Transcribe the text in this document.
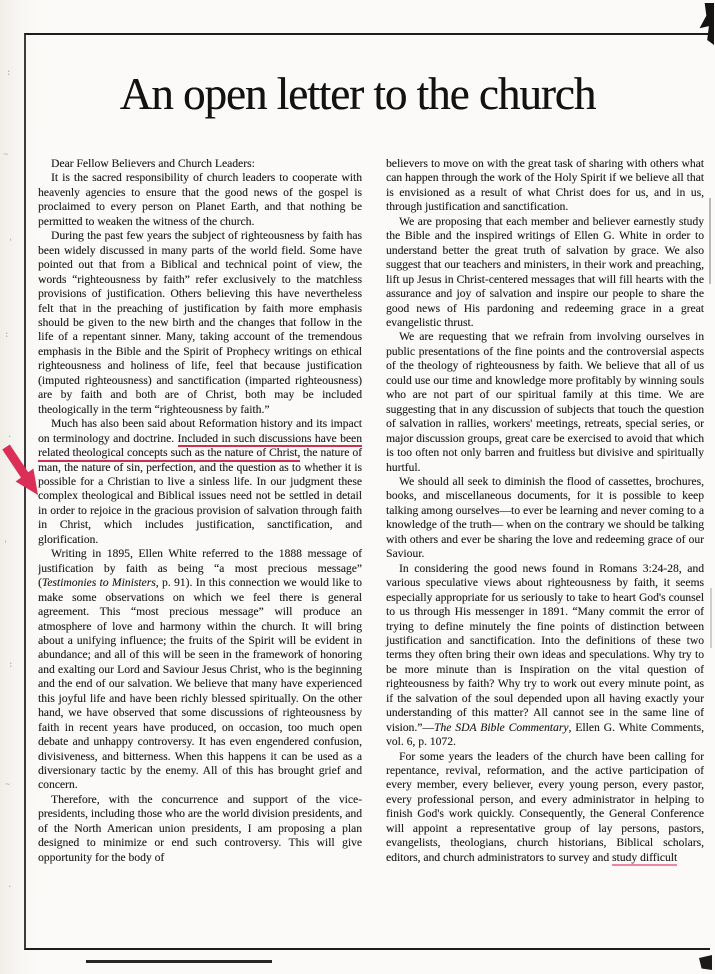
:
~
'
:
.
'
:
~
.
An open letter to the church

Dear Fellow Believers and Church Leaders:

It is the sacred responsibility of church leaders to cooperate with heavenly agencies to ensure that the good news of the gospel is proclaimed to every person on Planet Earth, and that nothing be permitted to weaken the witness of the church.

During the past few years the subject of righteousness by faith has been widely discussed in many parts of the world field. Some have pointed out that from a Biblical and technical point of view, the words “righteousness by faith” refer exclusively to the matchless provisions of justification. Others believing this have nevertheless felt that in the preaching of justification by faith more emphasis should be given to the new birth and the changes that follow in the life of a repentant sinner. Many, taking account of the tremendous emphasis in the Bible and the Spirit of Prophecy writings on ethical righteousness and holiness of life, feel that because justification (imputed righteousness) and sanctification (imparted righteousness) are by faith and both are of Christ, both may be included theologically in the term “righteousness by faith.”

Much has also been said about Reformation history and its impact on terminology and doctrine. Included in such discussions have been related theological concepts such as the nature of Christ, the nature of man, the nature of sin, perfection, and the question as to whether it is possible for a Christian to live a sinless life. In our judgment these complex theological and Biblical issues need not be settled in detail in order to rejoice in the gracious provision of salvation through faith in Christ, which includes justification, sanctification, and glorification.

Writing in 1895, Ellen White referred to the 1888 message of justification by faith as being “a most precious message” (Testimonies to Ministers, p. 91). In this connection we would like to make some observations on which we feel there is general agreement. This “most precious message” will produce an atmosphere of love and harmony within the church. It will bring about a unifying influence; the fruits of the Spirit will be evident in abundance; and all of this will be seen in the framework of honoring and exalting our Lord and Saviour Jesus Christ, who is the beginning and the end of our salvation. We believe that many have experienced this joyful life and have been richly blessed spiritually. On the other hand, we have observed that some discussions of righteousness by faith in recent years have produced, on occasion, too much open debate and unhappy controversy. It has even engendered confusion, divisiveness, and bitterness. When this happens it can be used as a diversionary tactic by the enemy. All of this has brought grief and concern.

Therefore, with the concurrence and support of the vice-presidents, including those who are the world division presidents, and of the North American union presidents, I am proposing a plan designed to minimize or end such controversy. This will give opportunity for the body of

believers to move on with the great task of sharing with others what can happen through the work of the Holy Spirit if we believe all that is envisioned as a result of what Christ does for us, and in us, through justification and sanctification.

We are proposing that each member and believer earnestly study the Bible and the inspired writings of Ellen G. White in order to understand better the great truth of salvation by grace. We also suggest that our teachers and ministers, in their work and preaching, lift up Jesus in Christ-centered messages that will fill hearts with the assurance and joy of salvation and inspire our people to share the good news of His pardoning and redeeming grace in a great evangelistic thrust.

We are requesting that we refrain from involving ourselves in public presentations of the fine points and the controversial aspects of the theology of righteousness by faith. We believe that all of us could use our time and knowledge more profitably by winning souls who are not part of our spiritual family at this time. We are suggesting that in any discussion of subjects that touch the question of salvation in rallies, workers' meetings, retreats, special series, or major discussion groups, great care be exercised to avoid that which is too often not only barren and fruitless but divisive and spiritually hurtful.

We should all seek to diminish the flood of cassettes, brochures, books, and miscellaneous documents, for it is possible to keep talking among ourselves—to ever be learning and never coming to a knowledge of the truth— when on the contrary we should be talking with others and ever be sharing the love and redeeming grace of our Saviour.

In considering the good news found in Romans 3:24-28, and various speculative views about righteousness by faith, it seems especially appropriate for us seriously to take to heart God's counsel to us through His messenger in 1891. “Many commit the error of trying to define minutely the fine points of distinction between justification and sanctification. Into the definitions of these two terms they often bring their own ideas and speculations. Why try to be more minute than is Inspiration on the vital question of righteousness by faith? Why try to work out every minute point, as if the salvation of the soul depended upon all having exactly your understanding of this matter? All cannot see in the same line of vision.”—The SDA Bible Commentary, Ellen G. White Comments, vol. 6, p. 1072.

For some years the leaders of the church have been calling for repentance, revival, reformation, and the active participation of every member, every believer, every young person, every pastor, every professional person, and every administrator in helping to finish God's work quickly. Consequently, the General Conference will appoint a representative group of lay persons, pastors, evangelists, theologians, church historians, Biblical scholars, editors, and church administrators to survey and study difficult
